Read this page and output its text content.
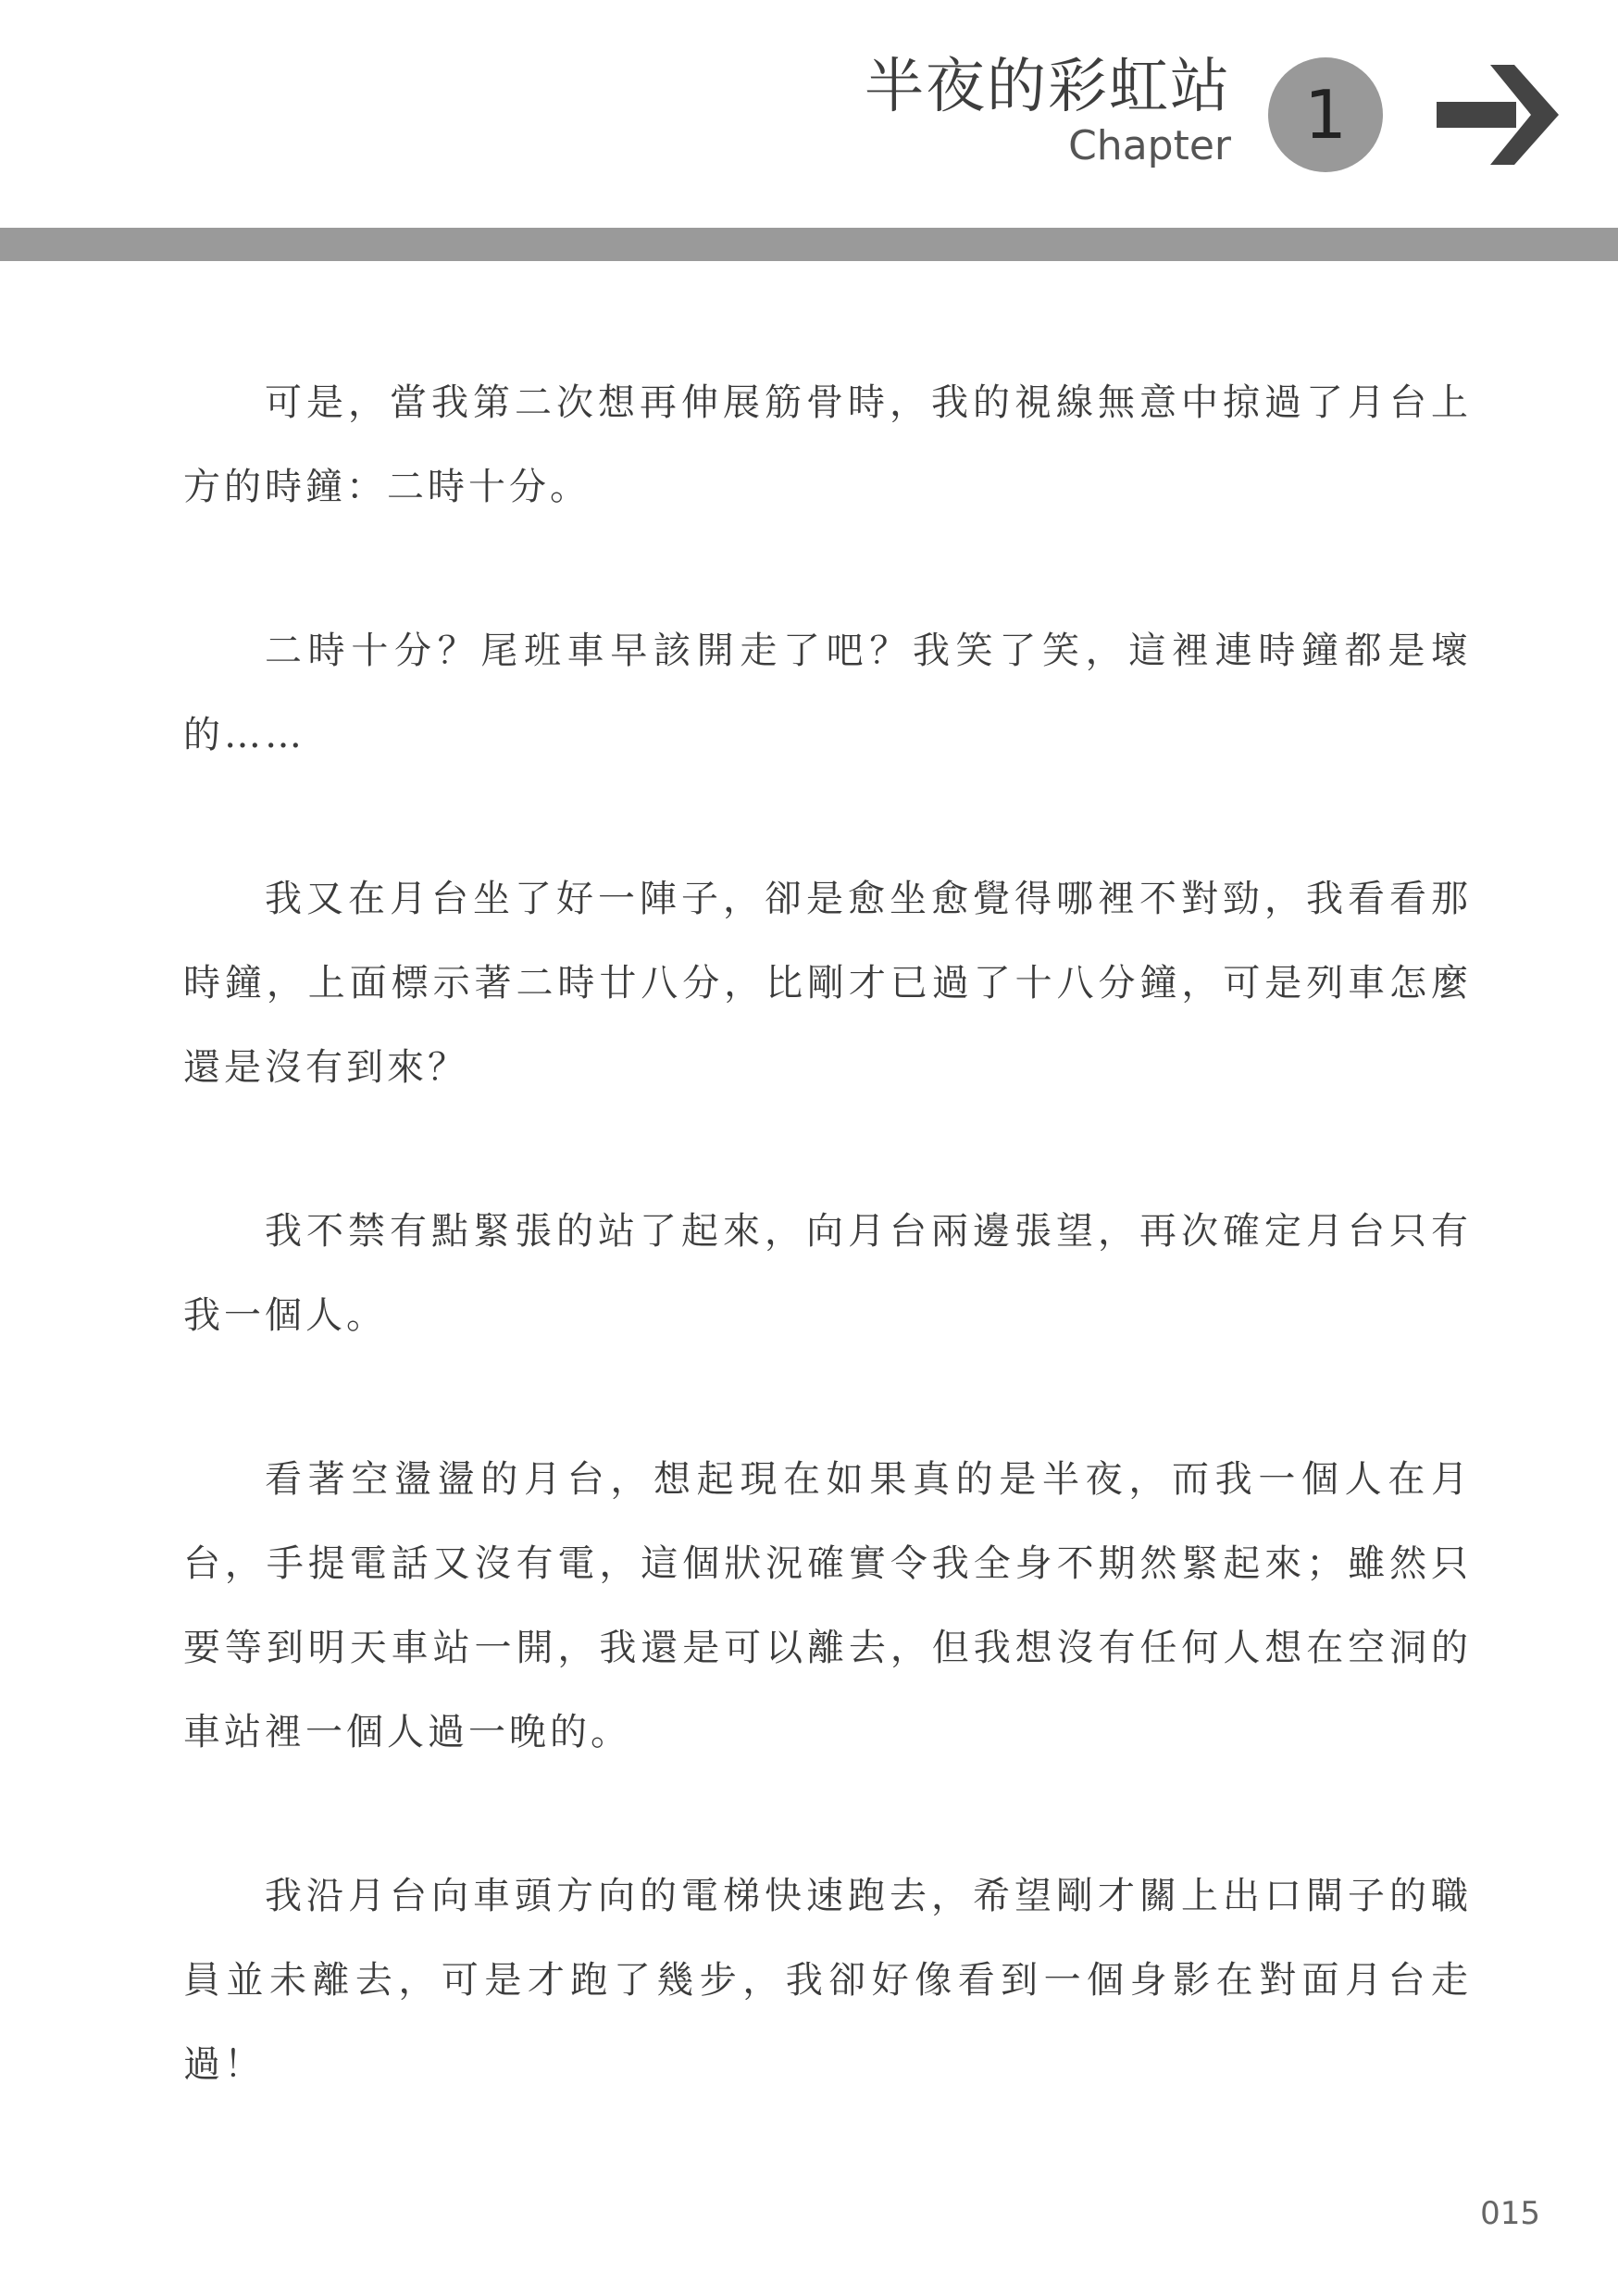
半夜的彩虹站
Chapter 1

可是，當我第二次想再伸展筋骨時，我的視線無意中掠過了月台上方的時鐘：二時十分。

二時十分？尾班車早該開走了吧？我笑了笑，這裡連時鐘都是壞的……

我又在月台坐了好一陣子，卻是愈坐愈覺得哪裡不對勁，我看看那時鐘，上面標示著二時廿八分，比剛才已過了十八分鐘，可是列車怎麼還是沒有到來？

我不禁有點緊張的站了起來，向月台兩邊張望，再次確定月台只有我一個人。

看著空盪盪的月台，想起現在如果真的是半夜，而我一個人在月台，手提電話又沒有電，這個狀況確實令我全身不期然緊起來；雖然只要等到明天車站一開，我還是可以離去，但我想沒有任何人想在空洞的車站裡一個人過一晚的。

我沿月台向車頭方向的電梯快速跑去，希望剛才關上出口閘子的職員並未離去，可是才跑了幾步，我卻好像看到一個身影在對面月台走過！

015
